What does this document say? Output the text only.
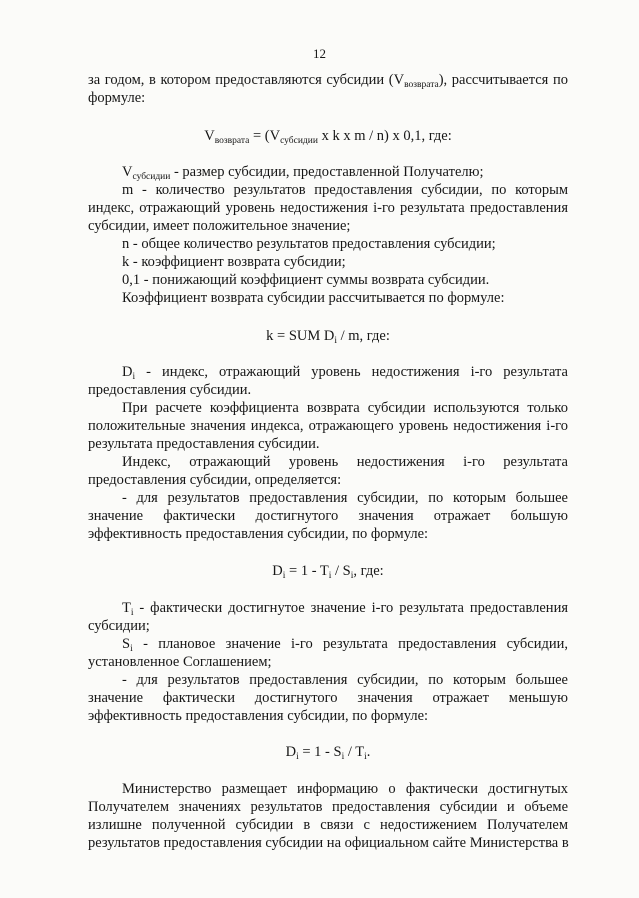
12
за годом, в котором предоставляются субсидии $(V_{возврата})$, рассчитывается по
формуле:
$V_{возврата} = (V_{субсидии}$ x k x m / n) x 0,1, где:
$V_{субсидии}$ - размер субсидии, предоставленной Получателю;
m - количество результатов предоставления субсидии, по которым
индекс, отражающий уровень недостижения i-го результата предоставления
субсидии, имеет положительное значение;
n - общее количество результатов предоставления субсидии;
k - коэффициент возврата субсидии;
0,1 - понижающий коэффициент суммы возврата субсидии.
Коэффициент возврата субсидии рассчитывается по формуле:
k = SUM $D_i$ / m, где:
$D_i$ - индекс, отражающий уровень недостижения i-го результата
предоставления субсидии.
При расчете коэффициента возврата субсидии используются только
положительные значения индекса, отражающего уровень недостижения i-го
результата предоставления субсидии.
Индекс, отражающий уровень недостижения i-го результата
предоставления субсидии, определяется:
- для результатов предоставления субсидии, по которым большее
значение фактически достигнутого значения отражает большую
эффективность предоставления субсидии, по формуле:
$D_i = 1 - T_i / S_i$, где:
$T_i$ - фактически достигнутое значение i-го результата предоставления
субсидии;
$S_i$ - плановое значение i-го результата предоставления субсидии,
установленное Соглашением;
- для результатов предоставления субсидии, по которым большее
значение фактически достигнутого значения отражает меньшую
эффективность предоставления субсидии, по формуле:
$D_i = 1 - S_i / T_i$.
Министерство размещает информацию о фактически достигнутых
Получателем значениях результатов предоставления субсидии и объеме
излишне полученной субсидии в связи с недостижением Получателем
результатов предоставления субсидии на официальном сайте Министерства в
